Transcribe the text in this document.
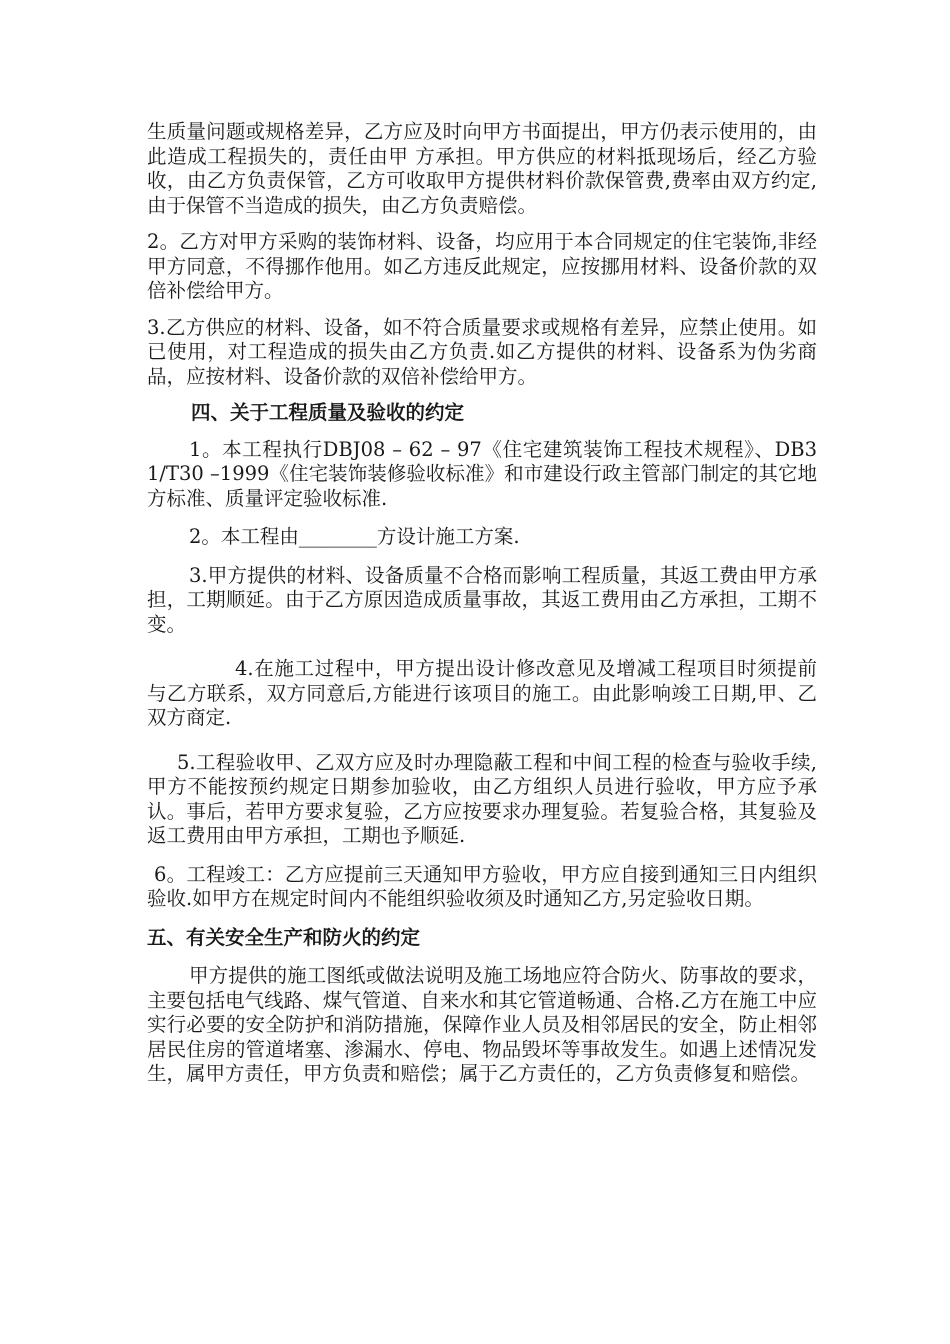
生质量问题或规格差异，乙方应及时向甲方书面提出，甲方仍表示使用的，由此造成工程损失的，责任由甲 方承担。甲方供应的材料抵现场后，经乙方验收，由乙方负责保管，乙方可收取甲方提供材料价款保管费,费率由双方约定,由于保管不当造成的损失，由乙方负责赔偿。

2。乙方对甲方采购的装饰材料、设备，均应用于本合同规定的住宅装饰,非经甲方同意，不得挪作他用。如乙方违反此规定，应按挪用材料、设备价款的双倍补偿给甲方。

3.乙方供应的材料、设备，如不符合质量要求或规格有差异，应禁止使用。如已使用，对工程造成的损失由乙方负责.如乙方提供的材料、设备系为伪劣商品，应按材料、设备价款的双倍补偿给甲方。

四、关于工程质量及验收的约定

1。本工程执行DBJ08 – 62 – 97《住宅建筑装饰工程技术规程》、DB31/T30 –1999《住宅装饰装修验收标准》和市建设行政主管部门制定的其它地方标准、质量评定验收标准.

2。本工程由________方设计施工方案.

3.甲方提供的材料、设备质量不合格而影响工程质量，其返工费由甲方承担，工期顺延。由于乙方原因造成质量事故，其返工费用由乙方承担，工期不变。

4.在施工过程中，甲方提出设计修改意见及增减工程项目时须提前与乙方联系，双方同意后,方能进行该项目的施工。由此影响竣工日期,甲、乙双方商定.

5.工程验收甲、乙双方应及时办理隐蔽工程和中间工程的检查与验收手续,甲方不能按预约规定日期参加验收，由乙方组织人员进行验收，甲方应予承认。事后，若甲方要求复验，乙方应按要求办理复验。若复验合格，其复验及返工费用由甲方承担，工期也予顺延.

6。工程竣工：乙方应提前三天通知甲方验收，甲方应自接到通知三日内组织验收.如甲方在规定时间内不能组织验收须及时通知乙方,另定验收日期。

五、有关安全生产和防火的约定

甲方提供的施工图纸或做法说明及施工场地应符合防火、防事故的要求，主要包括电气线路、煤气管道、自来水和其它管道畅通、合格.乙方在施工中应 实行必要的安全防护和消防措施，保障作业人员及相邻居民的安全，防止相邻居民住房的管道堵塞、渗漏水、停电、物品毁坏等事故发生。如遇上述情况发生，属甲方责任，甲方负责和赔偿；属于乙方责任的，乙方负责修复和赔偿。
